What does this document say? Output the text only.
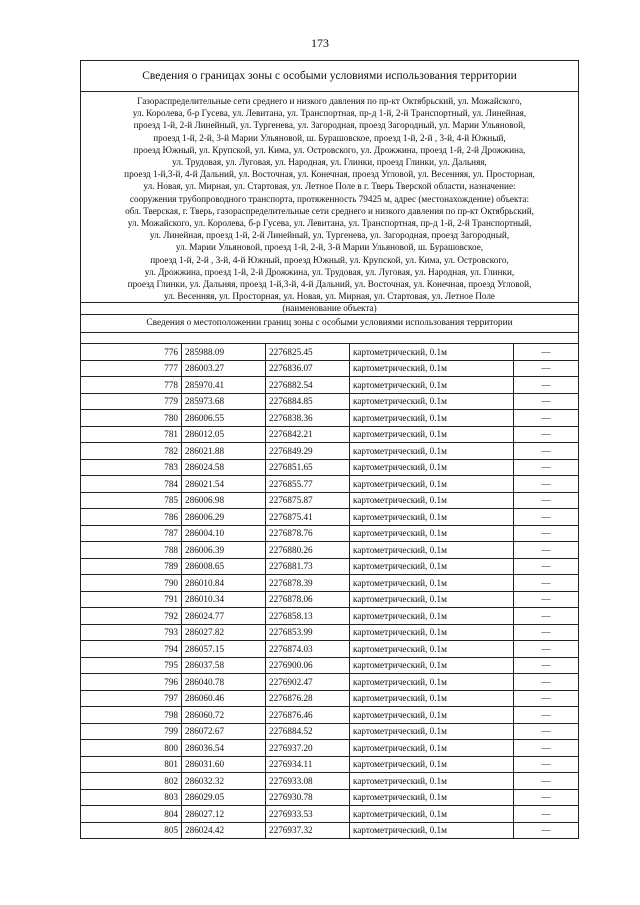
173
Сведения о границах зоны с особыми условиями использования территории
Газораспределительные сети среднего и низкого давления по пр-кт Октябрьский, ул. Можайского,
ул. Королева, б-р Гусева, ул. Левитана, ул. Транспортная, пр-д 1-й, 2-й Транспортный, ул. Линейная,
проезд 1-й, 2-й Линейный, ул. Тургенева, ул. Загородная, проезд Загородный, ул. Марии Ульяновой,
проезд 1-й, 2-й, 3-й Марии Ульяновой, ш. Бурашовское, проезд 1-й, 2-й , 3-й, 4-й Южный,
проезд Южный, ул. Крупской, ул. Кима, ул. Островского, ул. Дрожжина, проезд 1-й, 2-й Дрожжина,
ул. Трудовая, ул. Луговая, ул. Народная, ул. Глинки, проезд Глинки, ул. Дальняя,
проезд 1-й,3-й, 4-й Дальний, ул. Восточная, ул. Конечная, проезд Угловой, ул. Весенняя, ул. Просторная,
ул. Новая, ул. Мирная, ул. Стартовая, ул. Летное Поле в г. Тверь Тверской области, назначение:
сооружения трубопроводного транспорта, протяженность 79425 м, адрес (местонахождение) объекта:
обл. Тверская, г. Тверь, газораспределительные сети среднего и низкого давления по пр-кт Октябрьский,
ул. Можайского, ул. Королева, б-р Гусева, ул. Левитана, ул. Транспортная, пр-д 1-й, 2-й Транспортный,
ул. Линейная, проезд 1-й, 2-й Линейный, ул. Тургенева, ул. Загородная, проезд Загородный,
ул. Марии Ульяновой, проезд 1-й, 2-й, 3-й Марии Ульяновой, ш. Бурашовское,
проезд 1-й, 2-й , 3-й, 4-й Южный, проезд Южный, ул. Крупской, ул. Кима, ул. Островского,
ул. Дрожжина, проезд 1-й, 2-й Дрожжина, ул. Трудовая, ул. Луговая, ул. Народная, ул. Глинки,
проезд Глинки, ул. Дальняя, проезд 1-й,3-й, 4-й Дальний, ул. Восточная, ул. Конечная, проезд Угловой,
ул. Весенняя, ул. Просторная, ул. Новая, ул. Мирная, ул. Стартовая, ул. Летное Поле
(наименование объекта)
Сведения о местоположении границ зоны с особыми условиями использования территории
776	285988.09	2276825.45	картометрический, 0.1м	—
777	286003.27	2276836.07	картометрический, 0.1м	—
778	285970.41	2276882.54	картометрический, 0.1м	—
779	285973.68	2276884.85	картометрический, 0.1м	—
780	286006.55	2276838.36	картометрический, 0.1м	—
781	286012.05	2276842.21	картометрический, 0.1м	—
782	286021.88	2276849.29	картометрический, 0.1м	—
783	286024.58	2276851.65	картометрический, 0.1м	—
784	286021.54	2276855.77	картометрический, 0.1м	—
785	286006.98	2276875.87	картометрический, 0.1м	—
786	286006.29	2276875.41	картометрический, 0.1м	—
787	286004.10	2276878.76	картометрический, 0.1м	—
788	286006.39	2276880.26	картометрический, 0.1м	—
789	286008.65	2276881.73	картометрический, 0.1м	—
790	286010.84	2276878.39	картометрический, 0.1м	—
791	286010.34	2276878.06	картометрический, 0.1м	—
792	286024.77	2276858.13	картометрический, 0.1м	—
793	286027.82	2276853.99	картометрический, 0.1м	—
794	286057.15	2276874.03	картометрический, 0.1м	—
795	286037.58	2276900.06	картометрический, 0.1м	—
796	286040.78	2276902.47	картометрический, 0.1м	—
797	286060.46	2276876.28	картометрический, 0.1м	—
798	286060.72	2276876.46	картометрический, 0.1м	—
799	286072.67	2276884.52	картометрический, 0.1м	—
800	286036.54	2276937.20	картометрический, 0.1м	—
801	286031.60	2276934.11	картометрический, 0.1м	—
802	286032.32	2276933.08	картометрический, 0.1м	—
803	286029.05	2276930.78	картометрический, 0.1м	—
804	286027.12	2276933.53	картометрический, 0.1м	—
805	286024.42	2276937.32	картометрический, 0.1м	—
